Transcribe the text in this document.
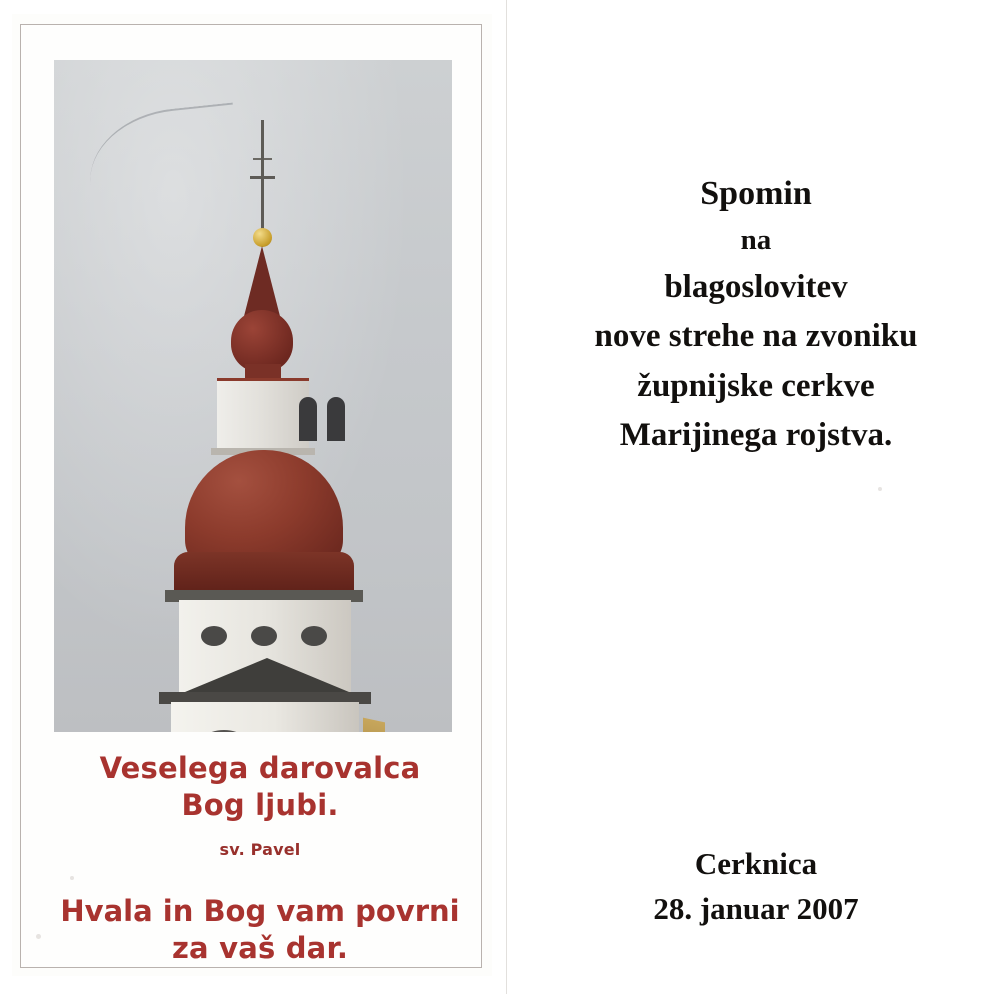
Veselega darovalca
Bog ljubi.
sv. Pavel
Hvala in Bog vam povrni
za vaš dar.
Spomin
na
blagoslovitev
nove strehe na zvoniku
župnijske cerkve
Marijinega rojstva.
Cerknica
28. januar 2007
